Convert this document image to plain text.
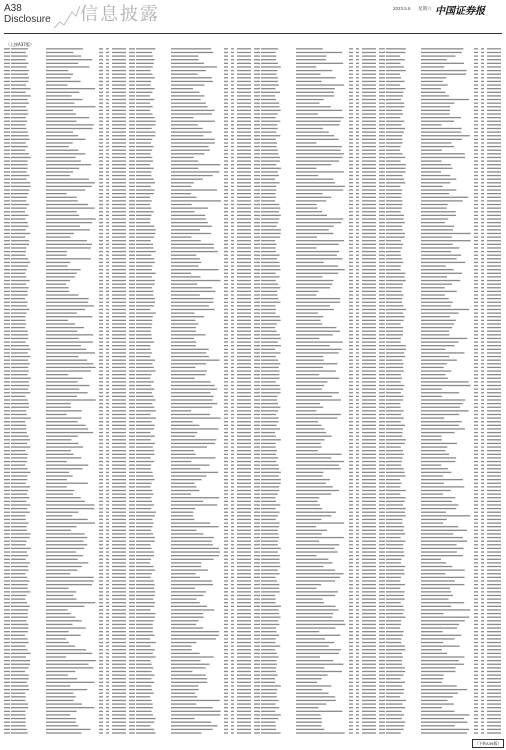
A38
Disclosure 信息披露	2023.5.6 星期六 中国证券报
（上接A37版）
（下转A39版）
